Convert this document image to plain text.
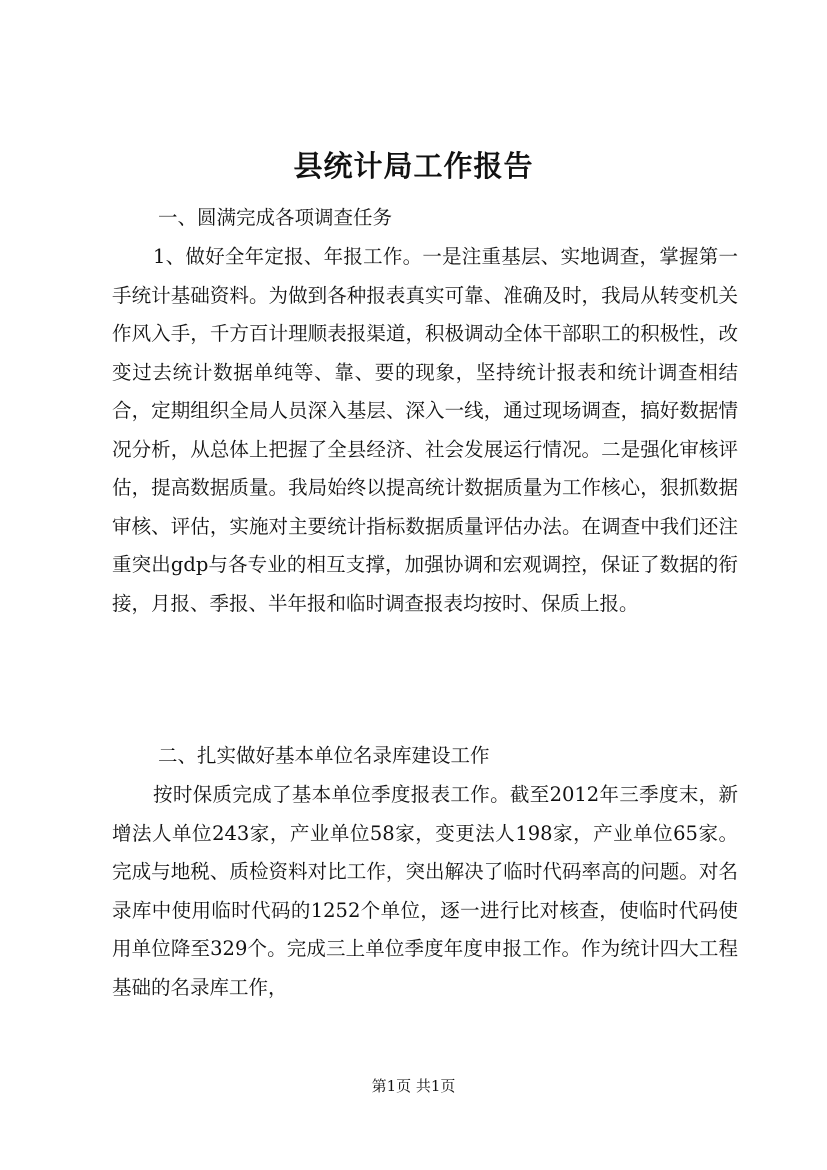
县统计局工作报告
一、圆满完成各项调查任务
1、做好全年定报、年报工作。一是注重基层、实地调查，掌握第一手统计基础资料。为做到各种报表真实可靠、准确及时，我局从转变机关作风入手，千方百计理顺表报渠道，积极调动全体干部职工的积极性，改变过去统计数据单纯等、靠、要的现象，坚持统计报表和统计调查相结合，定期组织全局人员深入基层、深入一线，通过现场调查，搞好数据情况分析，从总体上把握了全县经济、社会发展运行情况。二是强化审核评估，提高数据质量。我局始终以提高统计数据质量为工作核心，狠抓数据审核、评估，实施对主要统计指标数据质量评估办法。在调查中我们还注重突出gdp与各专业的相互支撑，加强协调和宏观调控，保证了数据的衔接，月报、季报、半年报和临时调查报表均按时、保质上报。
二、扎实做好基本单位名录库建设工作
按时保质完成了基本单位季度报表工作。截至2012年三季度末，新增法人单位243家，产业单位58家，变更法人198家，产业单位65家。完成与地税、质检资料对比工作，突出解决了临时代码率高的问题。对名录库中使用临时代码的1252个单位，逐一进行比对核查，使临时代码使用单位降至329个。完成三上单位季度年度申报工作。作为统计四大工程基础的名录库工作，
第1页 共1页
